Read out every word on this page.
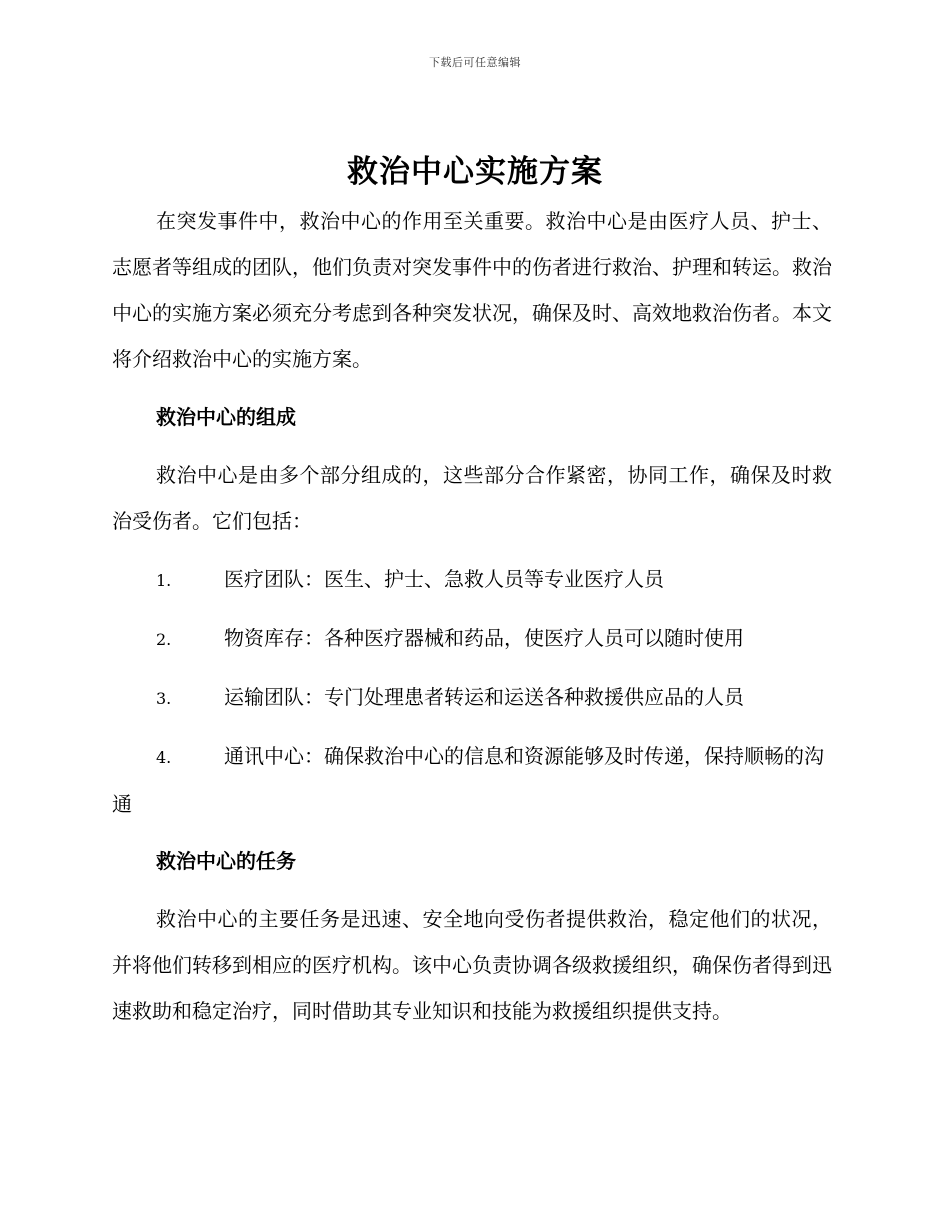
下载后可任意编辑
救治中心实施方案

在突发事件中，救治中心的作用至关重要。救治中心是由医疗人员、护士、志愿者等组成的团队，他们负责对突发事件中的伤者进行救治、护理和转运。救治中心的实施方案必须充分考虑到各种突发状况，确保及时、高效地救治伤者。本文将介绍救治中心的实施方案。

救治中心的组成

救治中心是由多个部分组成的，这些部分合作紧密，协同工作，确保及时救治受伤者。它们包括：

1.	医疗团队：医生、护士、急救人员等专业医疗人员
2.	物资库存：各种医疗器械和药品，使医疗人员可以随时使用
3.	运输团队：专门处理患者转运和运送各种救援供应品的人员
4.	通讯中心：确保救治中心的信息和资源能够及时传递，保持顺畅的沟通

救治中心的任务

救治中心的主要任务是迅速、安全地向受伤者提供救治，稳定他们的状况，并将他们转移到相应的医疗机构。该中心负责协调各级救援组织，确保伤者得到迅速救助和稳定治疗，同时借助其专业知识和技能为救援组织提供支持。
